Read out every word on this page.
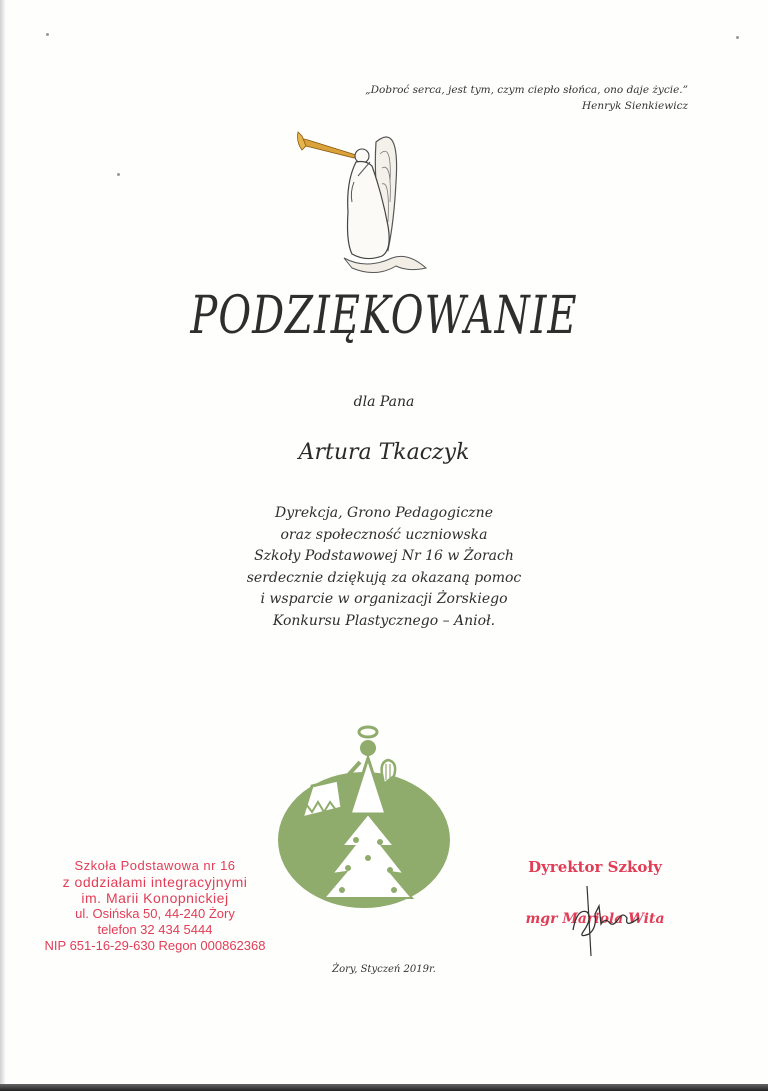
„Dobroć serca, jest tym, czym ciepło słońca, ono daje życie.”
Henryk Sienkiewicz
PODZIĘKOWANIE
dla Pana
Artura Tkaczyk
Dyrekcja, Grono Pedagogiczne
oraz społeczność uczniowska
Szkoły Podstawowej Nr 16 w Żorach
serdecznie dziękują za okazaną pomoc
i wsparcie w organizacji Żorskiego
Konkursu Plastycznego – Anioł.
Szkoła Podstawowa nr 16
z oddziałami integracyjnymi
im. Marii Konopnickiej
ul. Osińska 50, 44-240 Żory
telefon 32 434 5444
NIP 651-16-29-630 Regon 000862368
Dyrektor Szkoły
mgr Mariola Wita
Żory, Styczeń 2019r.
